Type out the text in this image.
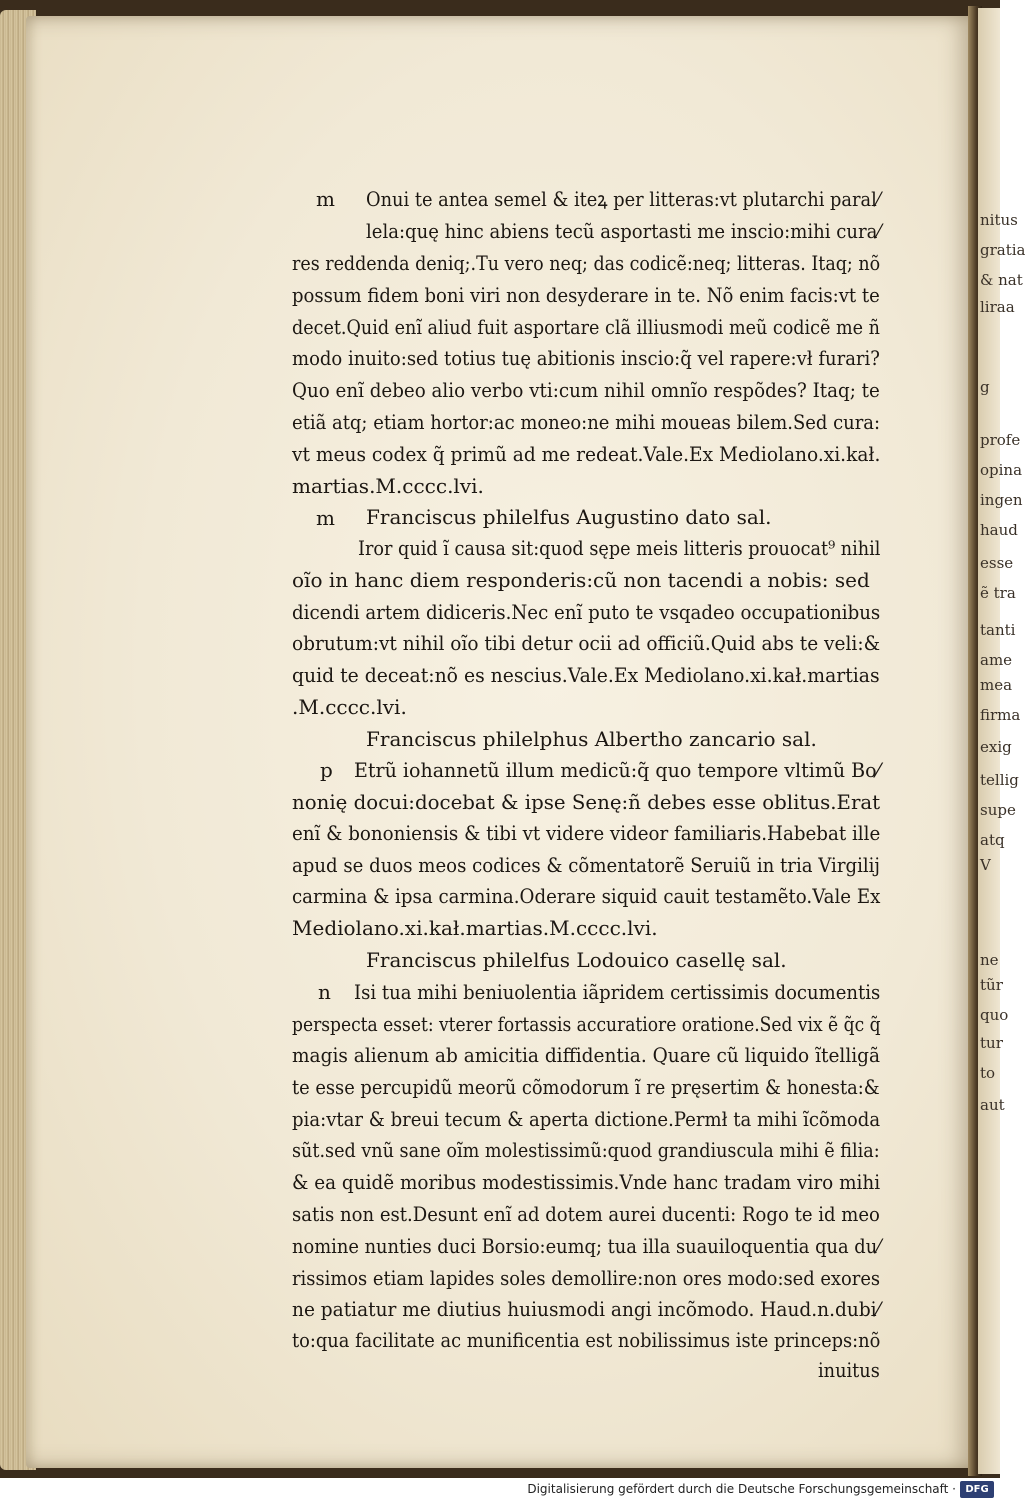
nitus
gratia
& nat
liraa
g
profe
opina
ingen
haud
esse
ẽ tra
tanti
ame
mea
firma
exig
tellig
supe
atq
V
ne
tũr
quo
tur
to
aut
Onui te antea semel & iteꝝ per litteras:vt plutarchi paral⁄
lela:quę hinc abiens tecũ asportasti me inscio:mihi cura⁄
res reddenda deniq;.Tu vero neq; das codicẽ:neq; litteras. Itaq; nõ
possum fidem boni viri non desyderare in te. Nõ enim facis:vt te
decet.Quid enĩ aliud fuit asportare clã illiusmodi meũ codicẽ me ñ
modo inuito:sed totius tuę abitionis inscio:q̃ vel rapere:vł furari?
Quo enĩ debeo alio verbo vti:cum nihil omnĩo respõdes? Itaq; te
etiã atq; etiam hortor:ac moneo:ne mihi moueas bilem.Sed cura:
vt meus codex q̃ primũ ad me redeat.Vale.Ex Mediolano.xi.kał.
martias.M.cccc.lvi.
Franciscus philelfus Augustino dato sal.
Iror quid ĩ causa sit:quod sępe meis litteris prouocat⁹ nihil
oĩo in hanc diem responderis:cũ non tacendi a nobis: sed
dicendi artem didiceris.Nec enĩ puto te vsqadeo occupationibus
obrutum:vt nihil oĩo tibi detur ocii ad officiũ.Quid abs te veli:&
quid te deceat:nõ es nescius.Vale.Ex Mediolano.xi.kał.martias
.M.cccc.lvi.
Franciscus philelphus Albertho zancario sal.
Etrũ iohannetũ illum medicũ:q̃ quo tempore vltimũ Bo⁄
nonię docui:docebat & ipse Senę:ñ debes esse oblitus.Erat
enĩ & bononiensis & tibi vt videre videor familiaris.Habebat ille
apud se duos meos codices & cõmentatorẽ Seruiũ in tria Virgilij
carmina & ipsa carmina.Oderare siquid cauit testamẽto.Vale Ex
Mediolano.xi.kał.martias.M.cccc.lvi.
Franciscus philelfus Lodouico casellę sal.
Isi tua mihi beniuolentia iãpridem certissimis documentis
perspecta esset: vterer fortassis accuratiore oratione.Sed vix ẽ q̃c q̃
magis alienum ab amicitia diffidentia. Quare cũ liquido ĩtelligã
te esse percupidũ meorũ cõmodorum ĩ re pręsertim & honesta:&
pia:vtar & breui tecum & aperta dictione.Permł ta mihi ĩcõmoda
sũt.sed vnũ sane oĩm molestissimũ:quod grandiuscula mihi ẽ filia:
& ea quidẽ moribus modestissimis.Vnde hanc tradam viro mihi
satis non est.Desunt enĩ ad dotem aurei ducenti: Rogo te id meo
nomine nunties duci Borsio:eumq; tua illa suauiloquentia qua du⁄
rissimos etiam lapides soles demollire:non ores modo:sed exores
ne patiatur me diutius huiusmodi angi incõmodo. Haud.n.dubi⁄
to:qua facilitate ac munificentia est nobilissimus iste princeps:nõ
inuitus
m
m
p
n
Digitalisierung gefördert durch die Deutsche Forschungsgemeinschaft · DFG
